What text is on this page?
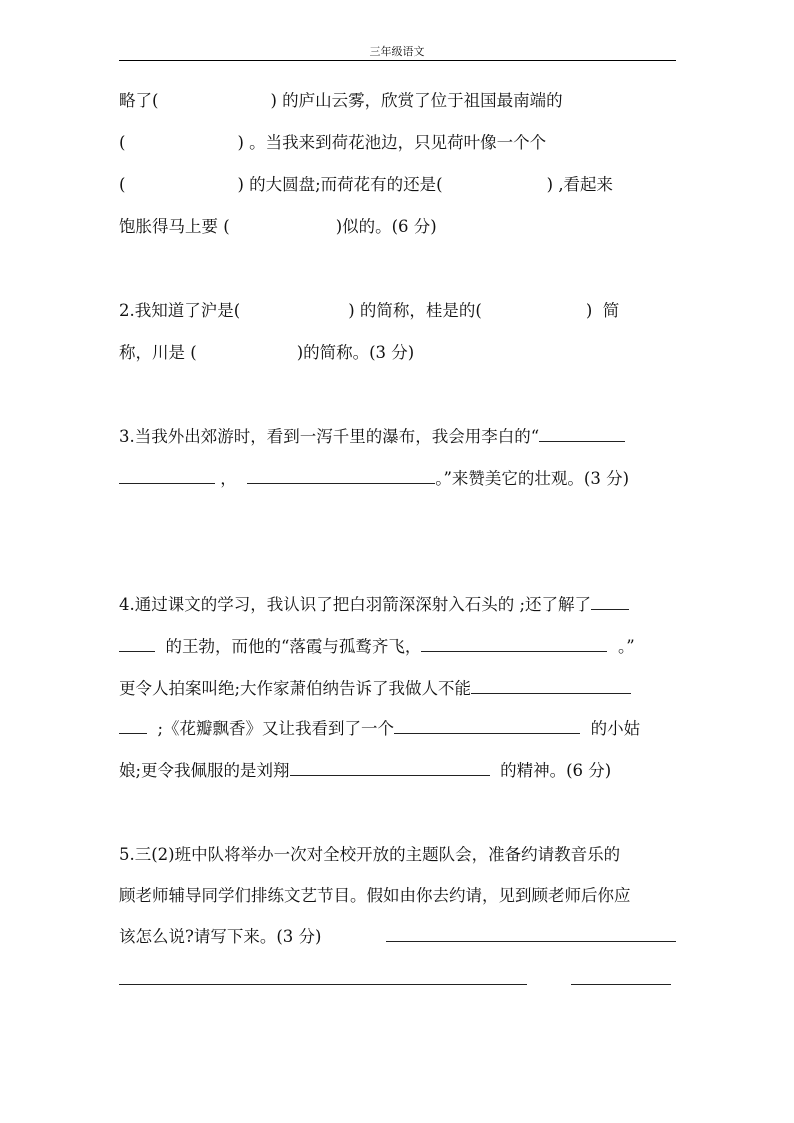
三年级语文
略了(	) 的庐山云雾，欣赏了位于祖国最南端的
(	) 。当我来到荷花池边，只见荷叶像一个个
(	) 的大圆盘;而荷花有的还是(	) ,看起来
饱胀得马上要 (	)似的。(6 分)
2.我知道了沪是(	) 的简称，桂是的(	) 简
称，川是 (	)的简称。(3 分)
3.当我外出郊游时，看到一泻千里的瀑布，我会用李白的“
，	。”来赞美它的壮观。(3 分)
4.通过课文的学习，我认识了把白羽箭深深射入石头的 ;还了解了
的王勃，而他的“落霞与孤鹜齐飞，	。”
更令人拍案叫绝;大作家萧伯纳告诉了我做人不能
;《花瓣飘香》又让我看到了一个	的小姑
娘;更令我佩服的是刘翔	的精神。(6 分)
5.三(2)班中队将举办一次对全校开放的主题队会，准备约请教音乐的
顾老师辅导同学们排练文艺节目。假如由你去约请，见到顾老师后你应
该怎么说?请写下来。(3 分)
